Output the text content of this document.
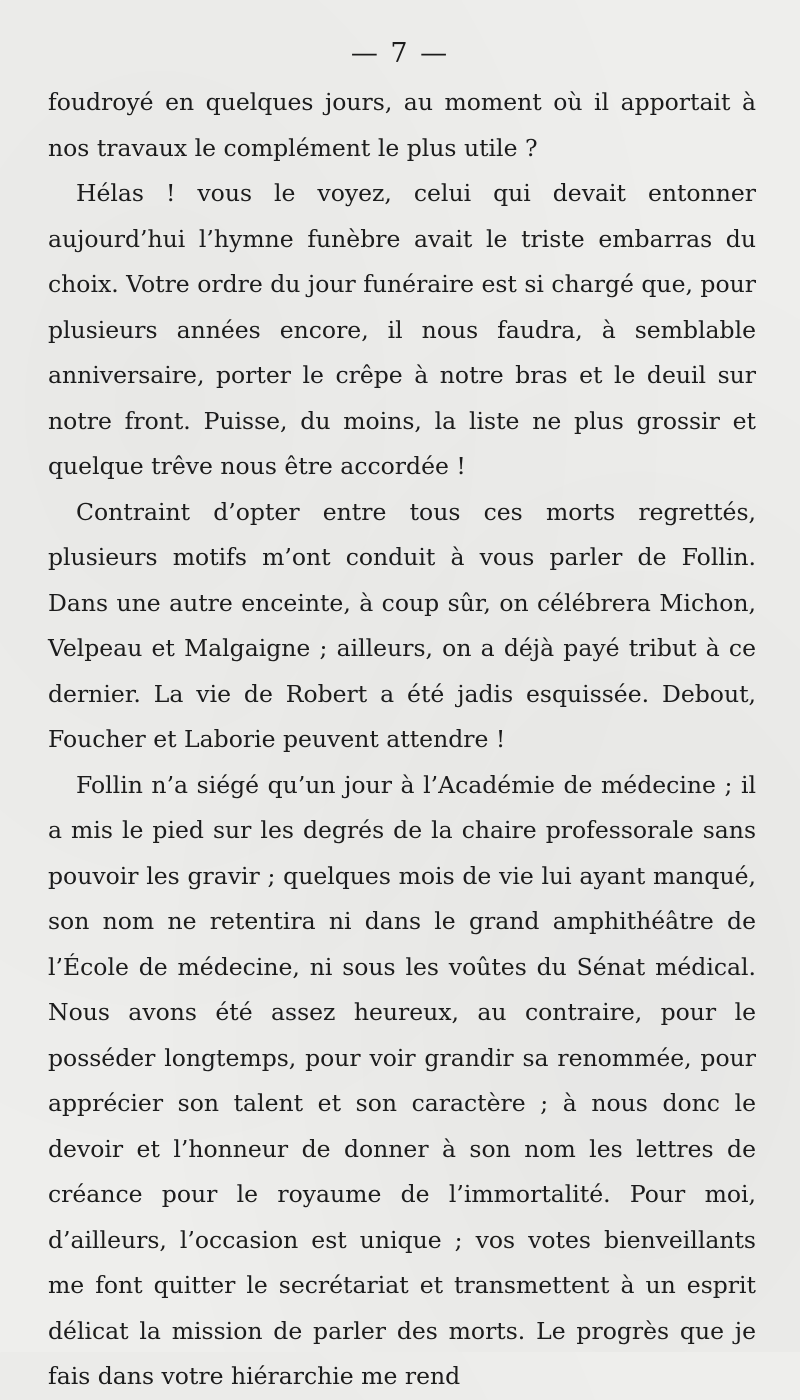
— 7 —

foudroyé en quelques jours, au moment où il apportait à nos travaux le complément le plus utile ?

Hélas ! vous le voyez, celui qui devait entonner aujourd’hui l’hymne funèbre avait le triste embarras du choix. Votre ordre du jour funéraire est si chargé que, pour plusieurs années encore, il nous faudra, à semblable anniversaire, porter le crêpe à notre bras et le deuil sur notre front. Puisse, du moins, la liste ne plus grossir et quelque trêve nous être accordée !

Contraint d’opter entre tous ces morts regrettés, plusieurs motifs m’ont conduit à vous parler de Follin. Dans une autre enceinte, à coup sûr, on célébrera Michon, Velpeau et Malgaigne ; ailleurs, on a déjà payé tribut à ce dernier. La vie de Robert a été jadis esquissée. Debout, Foucher et Laborie peuvent attendre !

Follin n’a siégé qu’un jour à l’Académie de médecine ; il a mis le pied sur les degrés de la chaire professorale sans pouvoir les gravir ; quelques mois de vie lui ayant manqué, son nom ne retentira ni dans le grand amphithéâtre de l’École de médecine, ni sous les voûtes du Sénat médical. Nous avons été assez heureux, au contraire, pour le posséder longtemps, pour voir grandir sa renommée, pour apprécier son talent et son caractère ; à nous donc le devoir et l’honneur de donner à son nom les lettres de créance pour le royaume de l’immortalité. Pour moi, d’ailleurs, l’occasion est unique ; vos votes bienveillants me font quitter le secrétariat et transmettent à un esprit délicat la mission de parler des morts. Le progrès que je fais dans votre hiérarchie me rend
